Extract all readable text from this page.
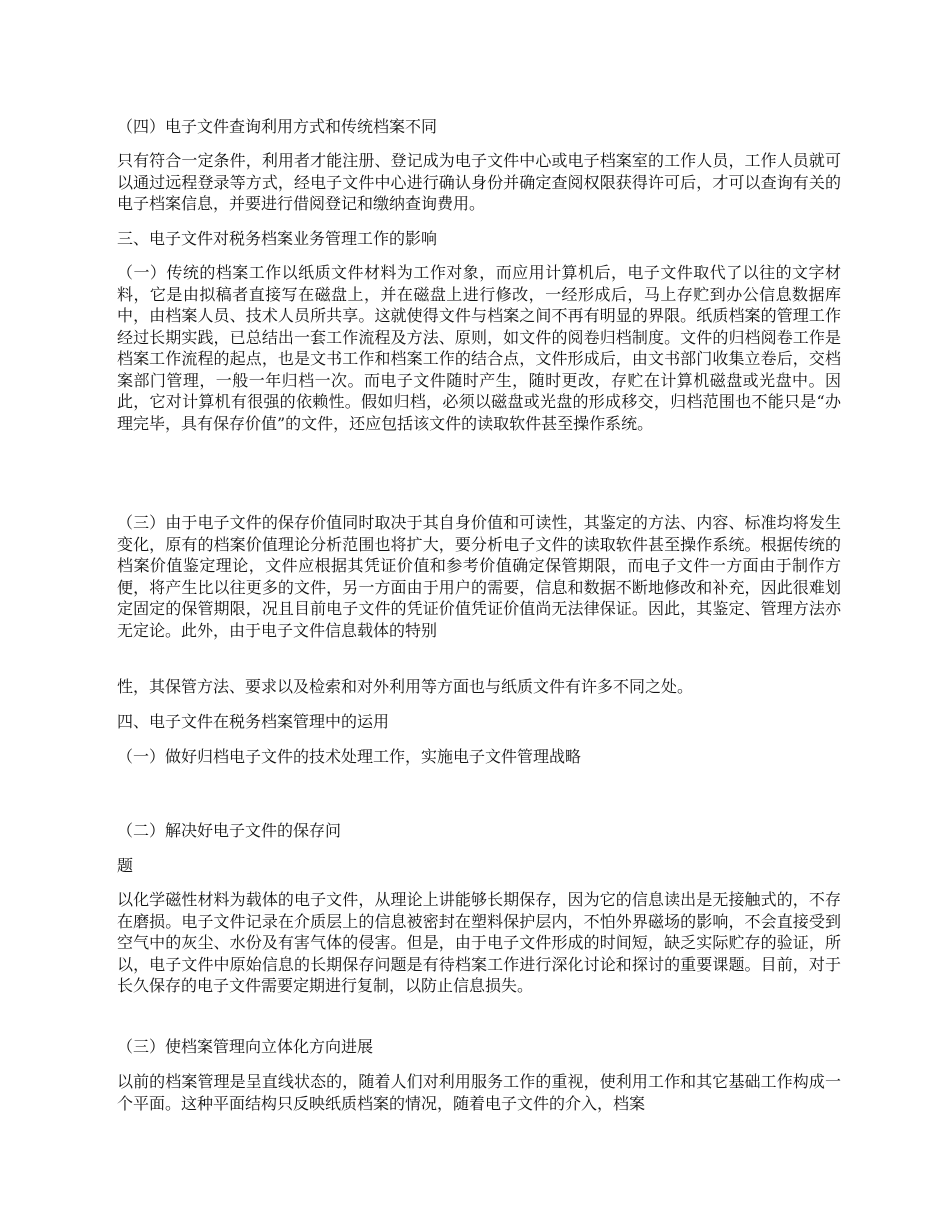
（四）电子文件查询利用方式和传统档案不同

只有符合一定条件，利用者才能注册、登记成为电子文件中心或电子档案室的工作人员，工作人员就可以通过远程登录等方式，经电子文件中心进行确认身份并确定查阅权限获得许可后，才可以查询有关的电子档案信息，并要进行借阅登记和缴纳查询费用。

三、电子文件对税务档案业务管理工作的影响

（一）传统的档案工作以纸质文件材料为工作对象，而应用计算机后，电子文件取代了以往的文字材料，它是由拟稿者直接写在磁盘上，并在磁盘上进行修改，一经形成后，马上存贮到办公信息数据库中，由档案人员、技术人员所共享。这就使得文件与档案之间不再有明显的界限。纸质档案的管理工作经过长期实践，已总结出一套工作流程及方法、原则，如文件的阅卷归档制度。文件的归档阅卷工作是档案工作流程的起点，也是文书工作和档案工作的结合点，文件形成后，由文书部门收集立卷后，交档案部门管理，一般一年归档一次。而电子文件随时产生，随时更改，存贮在计算机磁盘或光盘中。因此，它对计算机有很强的依赖性。假如归档，必须以磁盘或光盘的形成移交，归档范围也不能只是“办理完毕，具有保存价值”的文件，还应包括该文件的读取软件甚至操作系统。

（三）由于电子文件的保存价值同时取决于其自身价值和可读性，其鉴定的方法、内容、标准均将发生变化，原有的档案价值理论分析范围也将扩大，要分析电子文件的读取软件甚至操作系统。根据传统的档案价值鉴定理论，文件应根据其凭证价值和参考价值确定保管期限，而电子文件一方面由于制作方便，将产生比以往更多的文件，另一方面由于用户的需要，信息和数据不断地修改和补充，因此很难划定固定的保管期限，况且目前电子文件的凭证价值凭证价值尚无法律保证。因此，其鉴定、管理方法亦无定论。此外，由于电子文件信息载体的特别

性，其保管方法、要求以及检索和对外利用等方面也与纸质文件有许多不同之处。

四、电子文件在税务档案管理中的运用

（一）做好归档电子文件的技术处理工作，实施电子文件管理战略

（二）解决好电子文件的保存问

题

以化学磁性材料为载体的电子文件，从理论上讲能够长期保存，因为它的信息读出是无接触式的，不存在磨损。电子文件记录在介质层上的信息被密封在塑料保护层内，不怕外界磁场的影响，不会直接受到空气中的灰尘、水份及有害气体的侵害。但是，由于电子文件形成的时间短，缺乏实际贮存的验证，所以，电子文件中原始信息的长期保存问题是有待档案工作进行深化讨论和探讨的重要课题。目前，对于长久保存的电子文件需要定期进行复制，以防止信息损失。

（三）使档案管理向立体化方向进展

以前的档案管理是呈直线状态的，随着人们对利用服务工作的重视，使利用工作和其它基础工作构成一个平面。这种平面结构只反映纸质档案的情况，随着电子文件的介入，档案
